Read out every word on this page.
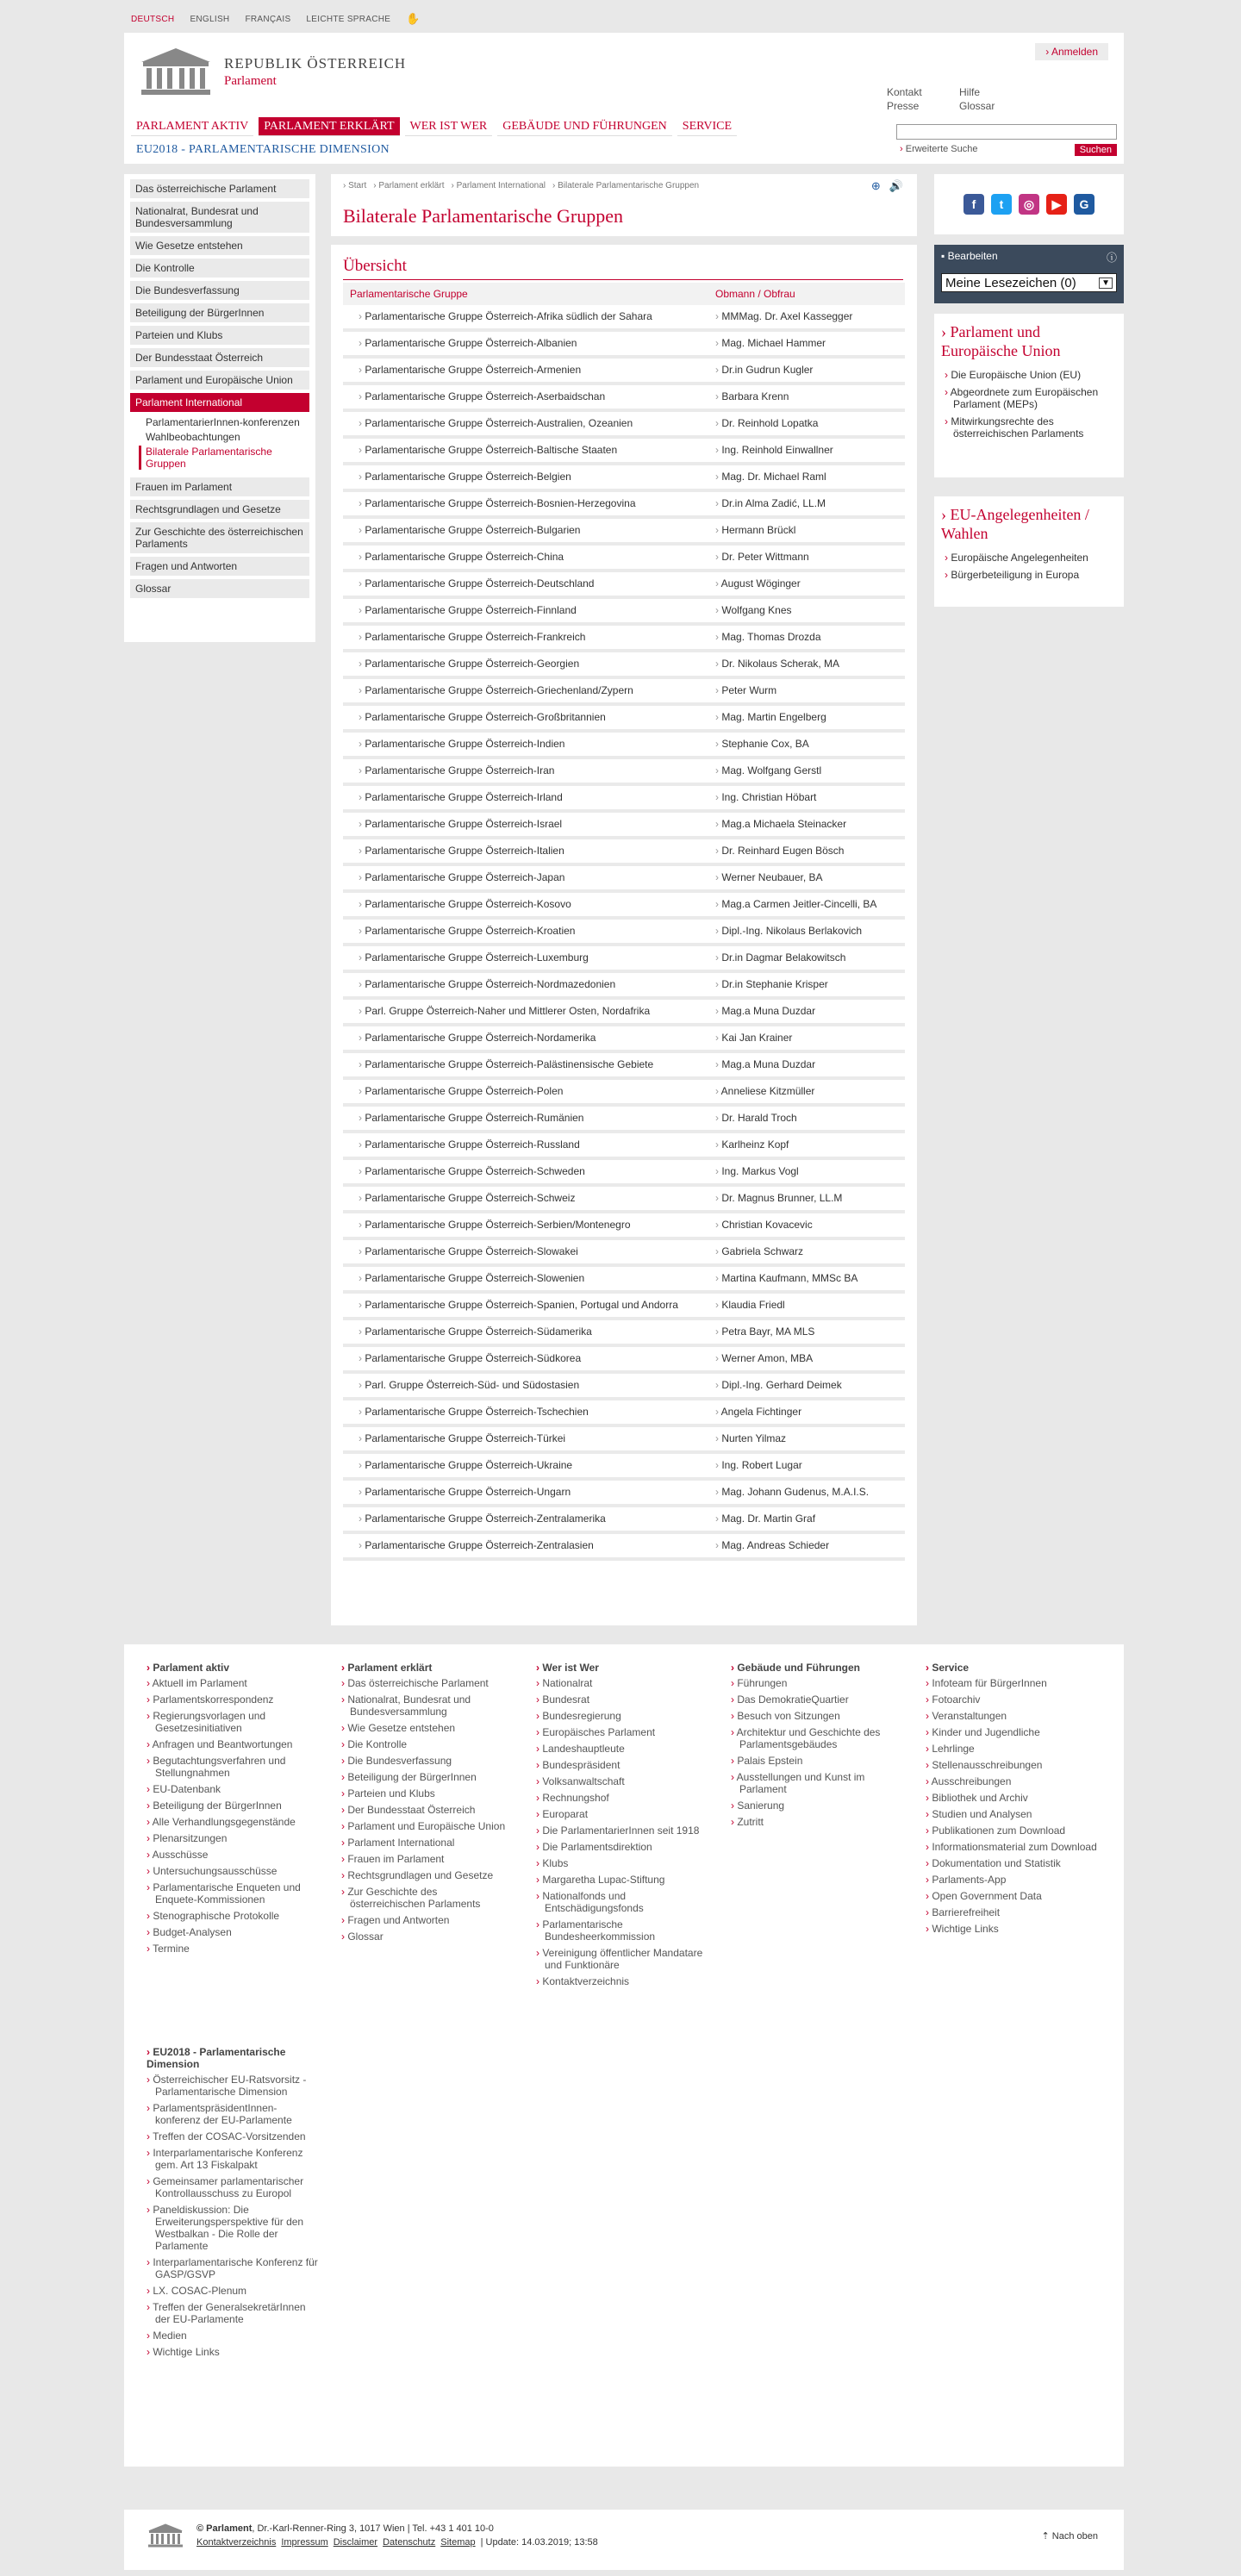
DEUTSCH ENGLISH FRANÇAIS LEICHTE SPRACHE ✋
REPUBLIK ÖSTERREICH
Parlament
› Anmelden
Kontakt	Hilfe
Presse	Glossar
› Erweiterte Suche	Suchen
PARLAMENT AKTIV	PARLAMENT ERKLÄRT	WER IST WER	GEBÄUDE UND FÜHRUNGEN	SERVICE
EU2018 - PARLAMENTARISCHE DIMENSION
Das österreichische Parlament
Nationalrat, Bundesrat und Bundesversammlung
Wie Gesetze entstehen
Die Kontrolle
Die Bundesverfassung
Beteiligung der BürgerInnen
Parteien und Klubs
Der Bundesstaat Österreich
Parlament und Europäische Union
Parlament International
ParlamentarierInnen-konferenzen
Wahlbeobachtungen
Bilaterale Parlamentarische Gruppen
Frauen im Parlament
Rechtsgrundlagen und Gesetze
Zur Geschichte des österreichischen Parlaments
Fragen und Antworten
Glossar
› Start	› Parlament erklärt	› Parlament International	› Bilaterale Parlamentarische Gruppen	⊕ 🔊
Bilaterale Parlamentarische Gruppen
Übersicht
Parlamentarische Gruppe	Obmann / Obfrau
› Parlamentarische Gruppe Österreich-Afrika südlich der Sahara	› MMMag. Dr. Axel Kassegger
› Parlamentarische Gruppe Österreich-Albanien	› Mag. Michael Hammer
› Parlamentarische Gruppe Österreich-Armenien	› Dr.in Gudrun Kugler
› Parlamentarische Gruppe Österreich-Aserbaidschan	› Barbara Krenn
› Parlamentarische Gruppe Österreich-Australien, Ozeanien	› Dr. Reinhold Lopatka
› Parlamentarische Gruppe Österreich-Baltische Staaten	› Ing. Reinhold Einwallner
› Parlamentarische Gruppe Österreich-Belgien	› Mag. Dr. Michael Raml
› Parlamentarische Gruppe Österreich-Bosnien-Herzegovina	› Dr.in Alma Zadić, LL.M
› Parlamentarische Gruppe Österreich-Bulgarien	› Hermann Brückl
› Parlamentarische Gruppe Österreich-China	› Dr. Peter Wittmann
› Parlamentarische Gruppe Österreich-Deutschland	› August Wöginger
› Parlamentarische Gruppe Österreich-Finnland	› Wolfgang Knes
› Parlamentarische Gruppe Österreich-Frankreich	› Mag. Thomas Drozda
› Parlamentarische Gruppe Österreich-Georgien	› Dr. Nikolaus Scherak, MA
› Parlamentarische Gruppe Österreich-Griechenland/Zypern	› Peter Wurm
› Parlamentarische Gruppe Österreich-Großbritannien	› Mag. Martin Engelberg
› Parlamentarische Gruppe Österreich-Indien	› Stephanie Cox, BA
› Parlamentarische Gruppe Österreich-Iran	› Mag. Wolfgang Gerstl
› Parlamentarische Gruppe Österreich-Irland	› Ing. Christian Höbart
› Parlamentarische Gruppe Österreich-Israel	› Mag.a Michaela Steinacker
› Parlamentarische Gruppe Österreich-Italien	› Dr. Reinhard Eugen Bösch
› Parlamentarische Gruppe Österreich-Japan	› Werner Neubauer, BA
› Parlamentarische Gruppe Österreich-Kosovo	› Mag.a Carmen Jeitler-Cincelli, BA
› Parlamentarische Gruppe Österreich-Kroatien	› Dipl.-Ing. Nikolaus Berlakovich
› Parlamentarische Gruppe Österreich-Luxemburg	› Dr.in Dagmar Belakowitsch
› Parlamentarische Gruppe Österreich-Nordmazedonien	› Dr.in Stephanie Krisper
› Parl. Gruppe Österreich-Naher und Mittlerer Osten, Nordafrika	› Mag.a Muna Duzdar
› Parlamentarische Gruppe Österreich-Nordamerika	› Kai Jan Krainer
› Parlamentarische Gruppe Österreich-Palästinensische Gebiete	› Mag.a Muna Duzdar
› Parlamentarische Gruppe Österreich-Polen	› Anneliese Kitzmüller
› Parlamentarische Gruppe Österreich-Rumänien	› Dr. Harald Troch
› Parlamentarische Gruppe Österreich-Russland	› Karlheinz Kopf
› Parlamentarische Gruppe Österreich-Schweden	› Ing. Markus Vogl
› Parlamentarische Gruppe Österreich-Schweiz	› Dr. Magnus Brunner, LL.M
› Parlamentarische Gruppe Österreich-Serbien/Montenegro	› Christian Kovacevic
› Parlamentarische Gruppe Österreich-Slowakei	› Gabriela Schwarz
› Parlamentarische Gruppe Österreich-Slowenien	› Martina Kaufmann, MMSc BA
› Parlamentarische Gruppe Österreich-Spanien, Portugal und Andorra	› Klaudia Friedl
› Parlamentarische Gruppe Österreich-Südamerika	› Petra Bayr, MA MLS
› Parlamentarische Gruppe Österreich-Südkorea	› Werner Amon, MBA
› Parl. Gruppe Österreich-Süd- und Südostasien	› Dipl.-Ing. Gerhard Deimek
› Parlamentarische Gruppe Österreich-Tschechien	› Angela Fichtinger
› Parlamentarische Gruppe Österreich-Türkei	› Nurten Yilmaz
› Parlamentarische Gruppe Österreich-Ukraine	› Ing. Robert Lugar
› Parlamentarische Gruppe Österreich-Ungarn	› Mag. Johann Gudenus, M.A.I.S.
› Parlamentarische Gruppe Österreich-Zentralamerika	› Mag. Dr. Martin Graf
› Parlamentarische Gruppe Österreich-Zentralasien	› Mag. Andreas Schieder
f	t	◎	▶	G
▪ Bearbeiten	ⓘ
Meine Lesezeichen (0)	▼
› Parlament und Europäische Union
› Die Europäische Union (EU)
› Abgeordnete zum Europäischen Parlament (MEPs)
› Mitwirkungsrechte des österreichischen Parlaments
› EU-Angelegenheiten / Wahlen
› Europäische Angelegenheiten
› Bürgerbeteiligung in Europa
› Parlament aktiv
› Aktuell im Parlament
› Parlamentskorrespondenz
› Regierungsvorlagen und Gesetzesinitiativen
› Anfragen und Beantwortungen
› Begutachtungsverfahren und Stellungnahmen
› EU-Datenbank
› Beteiligung der BürgerInnen
› Alle Verhandlungsgegenstände
› Plenarsitzungen
› Ausschüsse
› Untersuchungsausschüsse
› Parlamentarische Enqueten und Enquete-Kommissionen
› Stenographische Protokolle
› Budget-Analysen
› Termine
› Parlament erklärt
› Das österreichische Parlament
› Nationalrat, Bundesrat und Bundesversammlung
› Wie Gesetze entstehen
› Die Kontrolle
› Die Bundesverfassung
› Beteiligung der BürgerInnen
› Parteien und Klubs
› Der Bundesstaat Österreich
› Parlament und Europäische Union
› Parlament International
› Frauen im Parlament
› Rechtsgrundlagen und Gesetze
› Zur Geschichte des österreichischen Parlaments
› Fragen und Antworten
› Glossar
› Wer ist Wer
› Nationalrat
› Bundesrat
› Bundesregierung
› Europäisches Parlament
› Landeshauptleute
› Bundespräsident
› Volksanwaltschaft
› Rechnungshof
› Europarat
› Die ParlamentarierInnen seit 1918
› Die Parlamentsdirektion
› Klubs
› Margaretha Lupac-Stiftung
› Nationalfonds und Entschädigungsfonds
› Parlamentarische Bundesheerkommission
› Vereinigung öffentlicher Mandatare und Funktionäre
› Kontaktverzeichnis
› Gebäude und Führungen
› Führungen
› Das DemokratieQuartier
› Besuch von Sitzungen
› Architektur und Geschichte des Parlamentsgebäudes
› Palais Epstein
› Ausstellungen und Kunst im Parlament
› Sanierung
› Zutritt
› Service
› Infoteam für BürgerInnen
› Fotoarchiv
› Veranstaltungen
› Kinder und Jugendliche
› Lehrlinge
› Stellenausschreibungen
› Ausschreibungen
› Bibliothek und Archiv
› Studien und Analysen
› Publikationen zum Download
› Informationsmaterial zum Download
› Dokumentation und Statistik
› Parlaments-App
› Open Government Data
› Barrierefreiheit
› Wichtige Links
› EU2018 - Parlamentarische Dimension
› Österreichischer EU-Ratsvorsitz - Parlamentarische Dimension
› ParlamentspräsidentInnen-konferenz der EU-Parlamente
› Treffen der COSAC-Vorsitzenden
› Interparlamentarische Konferenz gem. Art 13 Fiskalpakt
› Gemeinsamer parlamentarischer Kontrollausschuss zu Europol
› Paneldiskussion: Die Erweiterungsperspektive für den Westbalkan - Die Rolle der Parlamente
› Interparlamentarische Konferenz für GASP/GSVP
› LX. COSAC-Plenum
› Treffen der GeneralsekretärInnen der EU-Parlamente
› Medien
› Wichtige Links
© Parlament, Dr.-Karl-Renner-Ring 3, 1017 Wien | Tel. +43 1 401 10-0
Kontaktverzeichnis Impressum Disclaimer Datenschutz Sitemap | Update: 14.03.2019; 13:58
⇡ Nach oben
